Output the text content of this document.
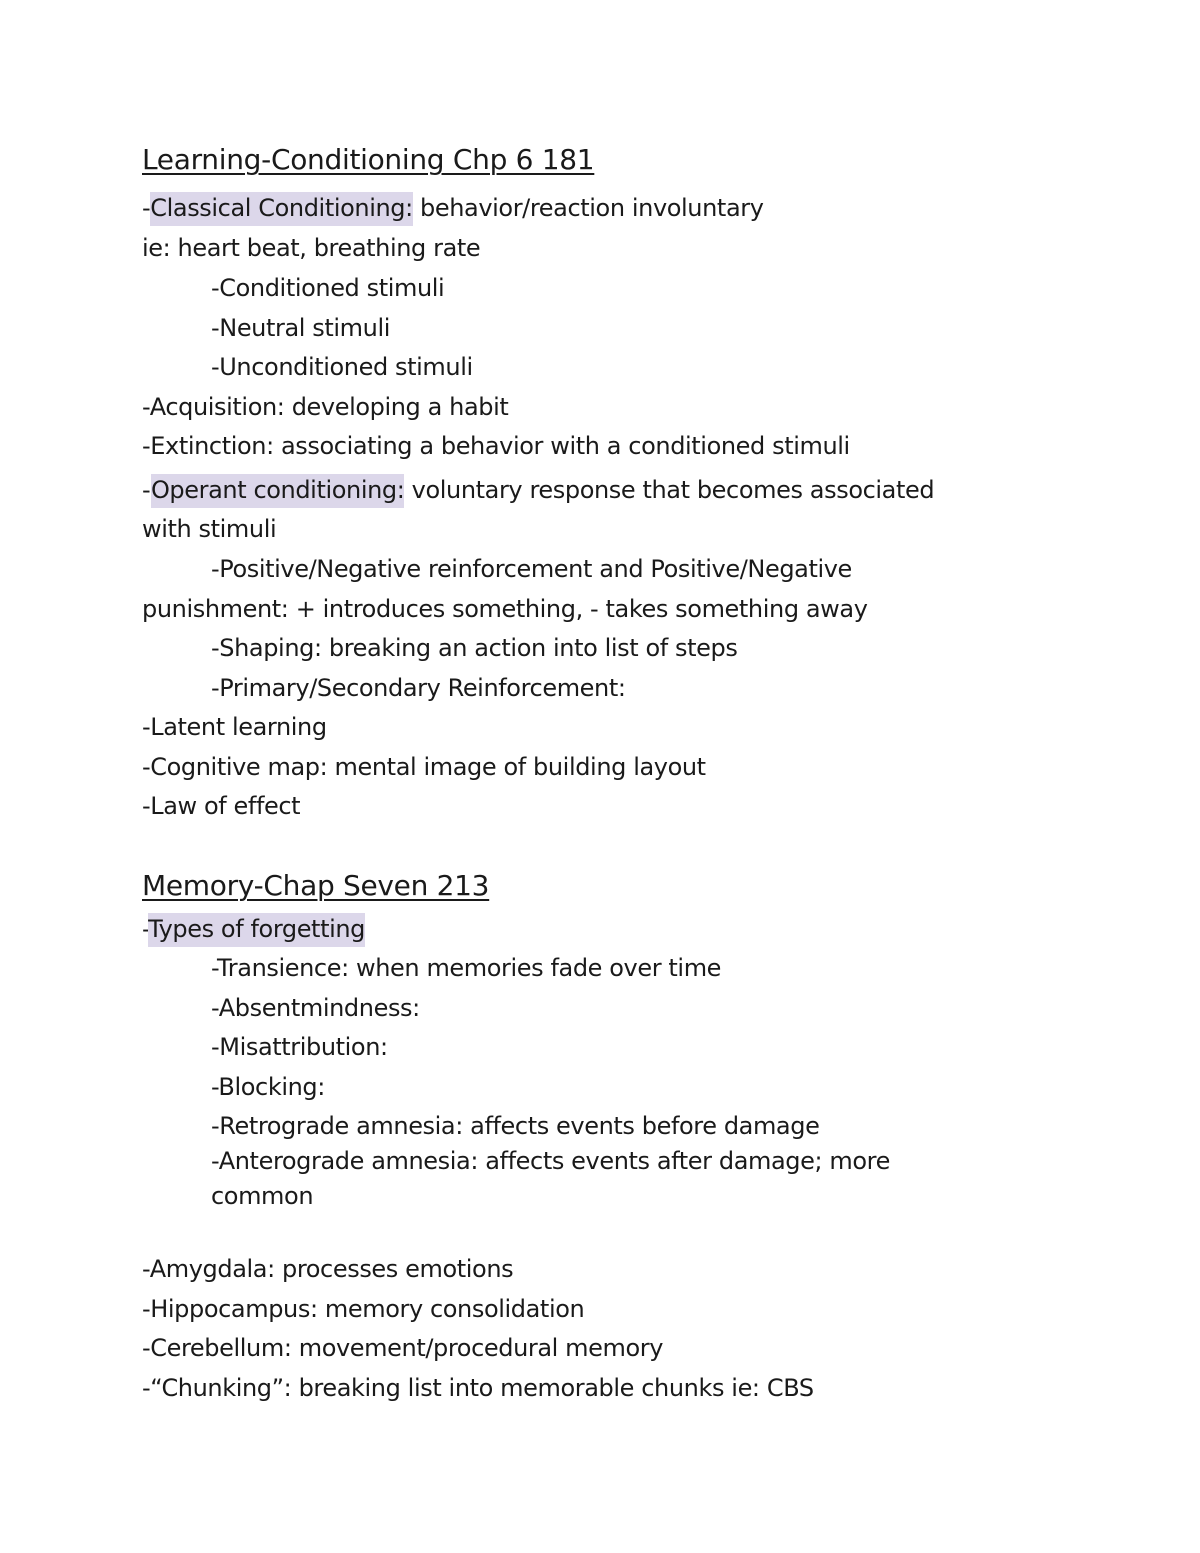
Learning-Conditioning Chp 6 181
-Classical Conditioning: behavior/reaction involuntary
ie: heart beat, breathing rate
-Conditioned stimuli
-Neutral stimuli
-Unconditioned stimuli
-Acquisition: developing a habit
-Extinction: associating a behavior with a conditioned stimuli
-Operant conditioning: voluntary response that becomes associated
with stimuli
-Positive/Negative reinforcement and Positive/Negative
punishment: + introduces something, - takes something away
-Shaping: breaking an action into list of steps
-Primary/Secondary Reinforcement:
-Latent learning
-Cognitive map: mental image of building layout
-Law of effect
Memory-Chap Seven 213
-Types of forgetting
-Transience: when memories fade over time
-Absentmindness:
-Misattribution:
-Blocking:
-Retrograde amnesia: affects events before damage
-Anterograde amnesia: affects events after damage; more
common
-Amygdala: processes emotions
-Hippocampus: memory consolidation
-Cerebellum: movement/procedural memory
-“Chunking”: breaking list into memorable chunks ie: CBS
